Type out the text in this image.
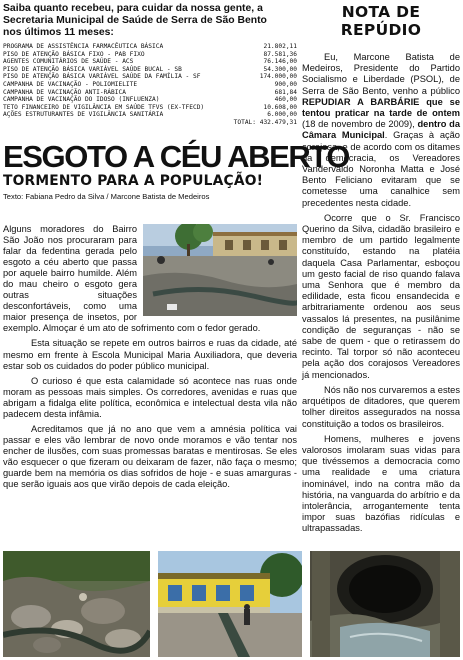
Saiba quanto recebeu, para cuidar da nossa gente, a
Secretaria Municipal de Saúde de Serra de São Bento
nos últimos 11 meses:
PROGRAMA DE ASSISTÊNCIA FARMACÊUTICA BÁSICA	21.802,11
PISO DE ATENÇÃO BÁSICA FIXO - PAB FIXO	87.581,36
AGENTES COMUNITÁRIOS DE SAÚDE - ACS	76.146,00
PISO DE ATENÇÃO BÁSICA VARIÁVEL SAÚDE BUCAL - SB	54.300,00
PISO DE ATENÇÃO BÁSICA VARIÁVEL SAÚDE DA FAMÍLIA - SF	174.000,00
CAMPANHA DE VACINAÇÃO - POLIOMIELITE	900,00
CAMPANHA DE VACINAÇÃO ANTI-RÁBICA	681,84
CAMPANHA DE VACINAÇÃO DO IDOSO (INFLUENZA)	460,00
TETO FINANCEIRO DE VIGILÂNCIA EM SAÚDE TFVS (EX-TFECD)	10.608,00
AÇÕES ESTRUTURANTES DE VIGILÂNCIA SANITÁRIA	6.000,00
TOTAL: 432.479,31
ESGOTO A CÉU ABERTO
TORMENTO PARA A POPULAÇÃO!
Texto: Fabiana Pedro da Silva / Marcone Batista de Medeiros

Alguns moradores do Bairro São João nos procuraram para falar da fedentina gerada pelo esgoto a céu aberto que passa por aquele bairro humilde. Além do mau cheiro o esgoto gera outras situações desconfortáveis, como uma maior presença de insetos, por exemplo. Almoçar é um ato de sofrimento com o fedor gerado.

Esta situação se repete em outros bairros e ruas da cidade, até mesmo em frente à Escola Municipal Maria Auxiliadora, que deveria estar sob os cuidados do poder público municipal.

O curioso é que esta calamidade só acontece nas ruas onde moram as pessoas mais simples. Os corredores, avenidas e ruas que abrigam a fidalga elite política, econômica e intelectual desta vila não padecem desta infâmia.

Acreditamos que já no ano que vem a amnésia política vai passar e eles vão lembrar de novo onde moramos e vão tentar nos encher de ilusões, com suas promessas baratas e mentirosas. Se eles vão esquecer o que fizeram ou deixaram de fazer, não faça o mesmo; guarde bem na memória os dias sofridos de hoje - e suas amarguras - que serão iguais aos que virão depois de cada eleição.

NOTA DE REPÚDIO

Eu, Marcone Batista de Medeiros, Presidente do Partido Socialismo e Liberdade (PSOL), de Serra de São Bento, venho a público REPUDIAR A BARBÁRIE que se tentou praticar na tarde de ontem (18 de novembro de 2009), dentro da Câmara Municipal. Graças à ação corajosa, e de acordo com os ditames da democracia, os Vereadores Vandervaldo Noronha Matta e José Bento Feliciano evitaram que se cometesse uma canalhice sem precedentes nesta cidade.

Ocorre que o Sr. Francisco Querino da Silva, cidadão brasileiro e membro de um partido legalmente constituído, estando na platéia daquela Casa Parlamentar, esboçou um gesto facial de riso quando falava uma Senhora que é membro da edilidade, esta ficou ensandecida e arbitrariamente ordenou aos seus vassalos lá presentes, na pusilânime condição de seguranças - não se sabe de quem - que o retirassem do recinto. Tal torpor só não aconteceu pela ação dos corajosos Vereadores já mencionados.

Nós não nos curvaremos a estes arquétipos de ditadores, que querem tolher direitos assegurados na nossa constituição a todos os brasileiros.

Homens, mulheres e jovens valorosos imolaram suas vidas para que tivéssemos a democracia como uma realidade e uma criatura inominável, indo na contra mão da história, na vanguarda do arbítrio e da intolerância, arrogantemente tenta impor suas bazófias ridículas e ultrapassadas.
